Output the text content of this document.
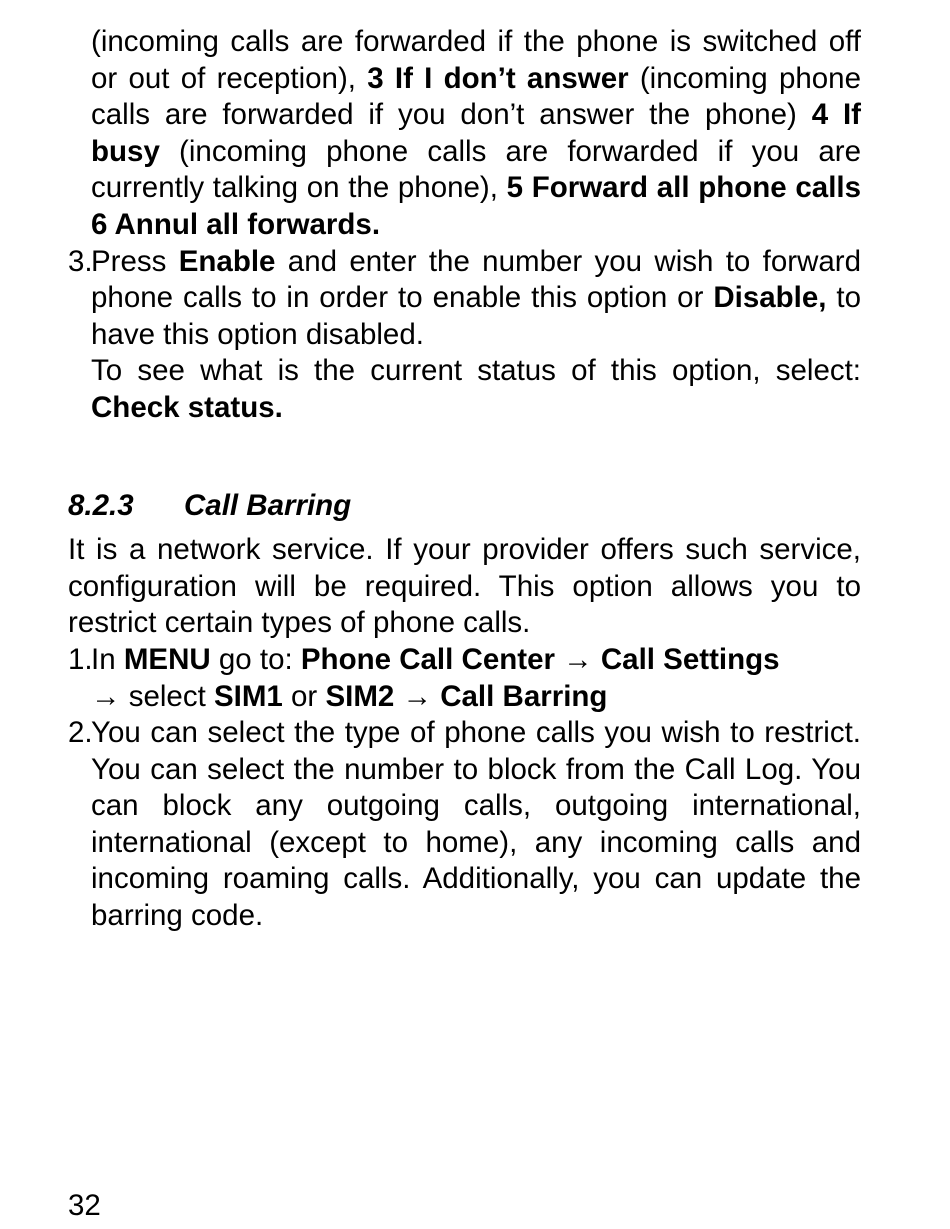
(incoming calls are forwarded if the phone is switched off or out of reception), 3 If I don’t answer (incoming phone calls are forwarded if you don’t answer the phone) 4 If busy (incoming phone calls are forwarded if you are currently talking on the phone), 5 Forward all phone calls 6 Annul all forwards.

3.

Press Enable and enter the number you wish to forward phone calls to in order to enable this option or Disable, to have this option disabled.

To see what is the current status of this option, select: Check status.

8.2.3	Call Barring

It is a network service. If your provider offers such service, configuration will be required. This option allows you to restrict certain types of phone calls.

1.

In MENU go to: Phone Call Center → Call Settings
→ select SIM1 or SIM2 → Call Barring

2.

You can select the type of phone calls you wish to restrict. You can select the number to block from the Call Log. You can block any outgoing calls, outgoing international, international (except to home), any incoming calls and incoming roaming calls. Additionally, you can update the barring code.

32
